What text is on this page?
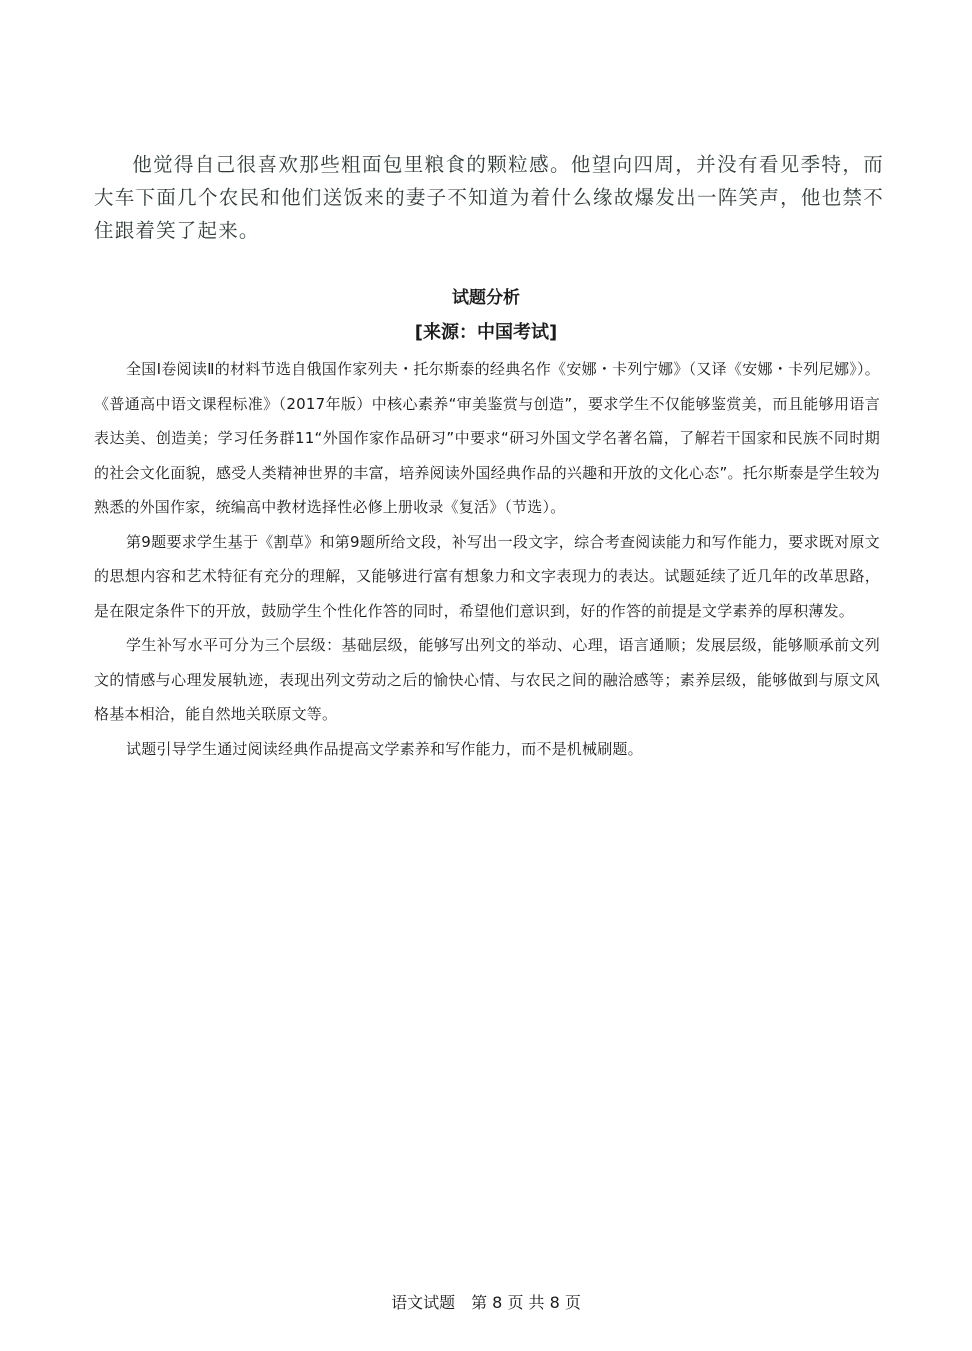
他觉得自己很喜欢那些粗面包里粮食的颗粒感。他望向四周，并没有看见季特，而大车下面几个农民和他们送饭来的妻子不知道为着什么缘故爆发出一阵笑声，他也禁不住跟着笑了起来。

试题分析
[来源：中国考试]

全国Ⅰ卷阅读Ⅱ的材料节选自俄国作家列夫・托尔斯泰的经典名作《安娜・卡列宁娜》（又译《安娜・卡列尼娜》）。《普通高中语文课程标准》（2017年版）中核心素养“审美鉴赏与创造”，要求学生不仅能够鉴赏美，而且能够用语言表达美、创造美；学习任务群11“外国作家作品研习”中要求“研习外国文学名著名篇，了解若干国家和民族不同时期的社会文化面貌，感受人类精神世界的丰富，培养阅读外国经典作品的兴趣和开放的文化心态”。托尔斯泰是学生较为熟悉的外国作家，统编高中教材选择性必修上册收录《复活》（节选）。

第9题要求学生基于《割草》和第9题所给文段，补写出一段文字，综合考查阅读能力和写作能力，要求既对原文的思想内容和艺术特征有充分的理解，又能够进行富有想象力和文字表现力的表达。试题延续了近几年的改革思路，是在限定条件下的开放，鼓励学生个性化作答的同时，希望他们意识到，好的作答的前提是文学素养的厚积薄发。

学生补写水平可分为三个层级：基础层级，能够写出列文的举动、心理，语言通顺；发展层级，能够顺承前文列文的情感与心理发展轨迹，表现出列文劳动之后的愉快心情、与农民之间的融洽感等；素养层级，能够做到与原文风格基本相洽，能自然地关联原文等。

试题引导学生通过阅读经典作品提高文学素养和写作能力，而不是机械刷题。

语文试题　第 8 页 共 8 页
